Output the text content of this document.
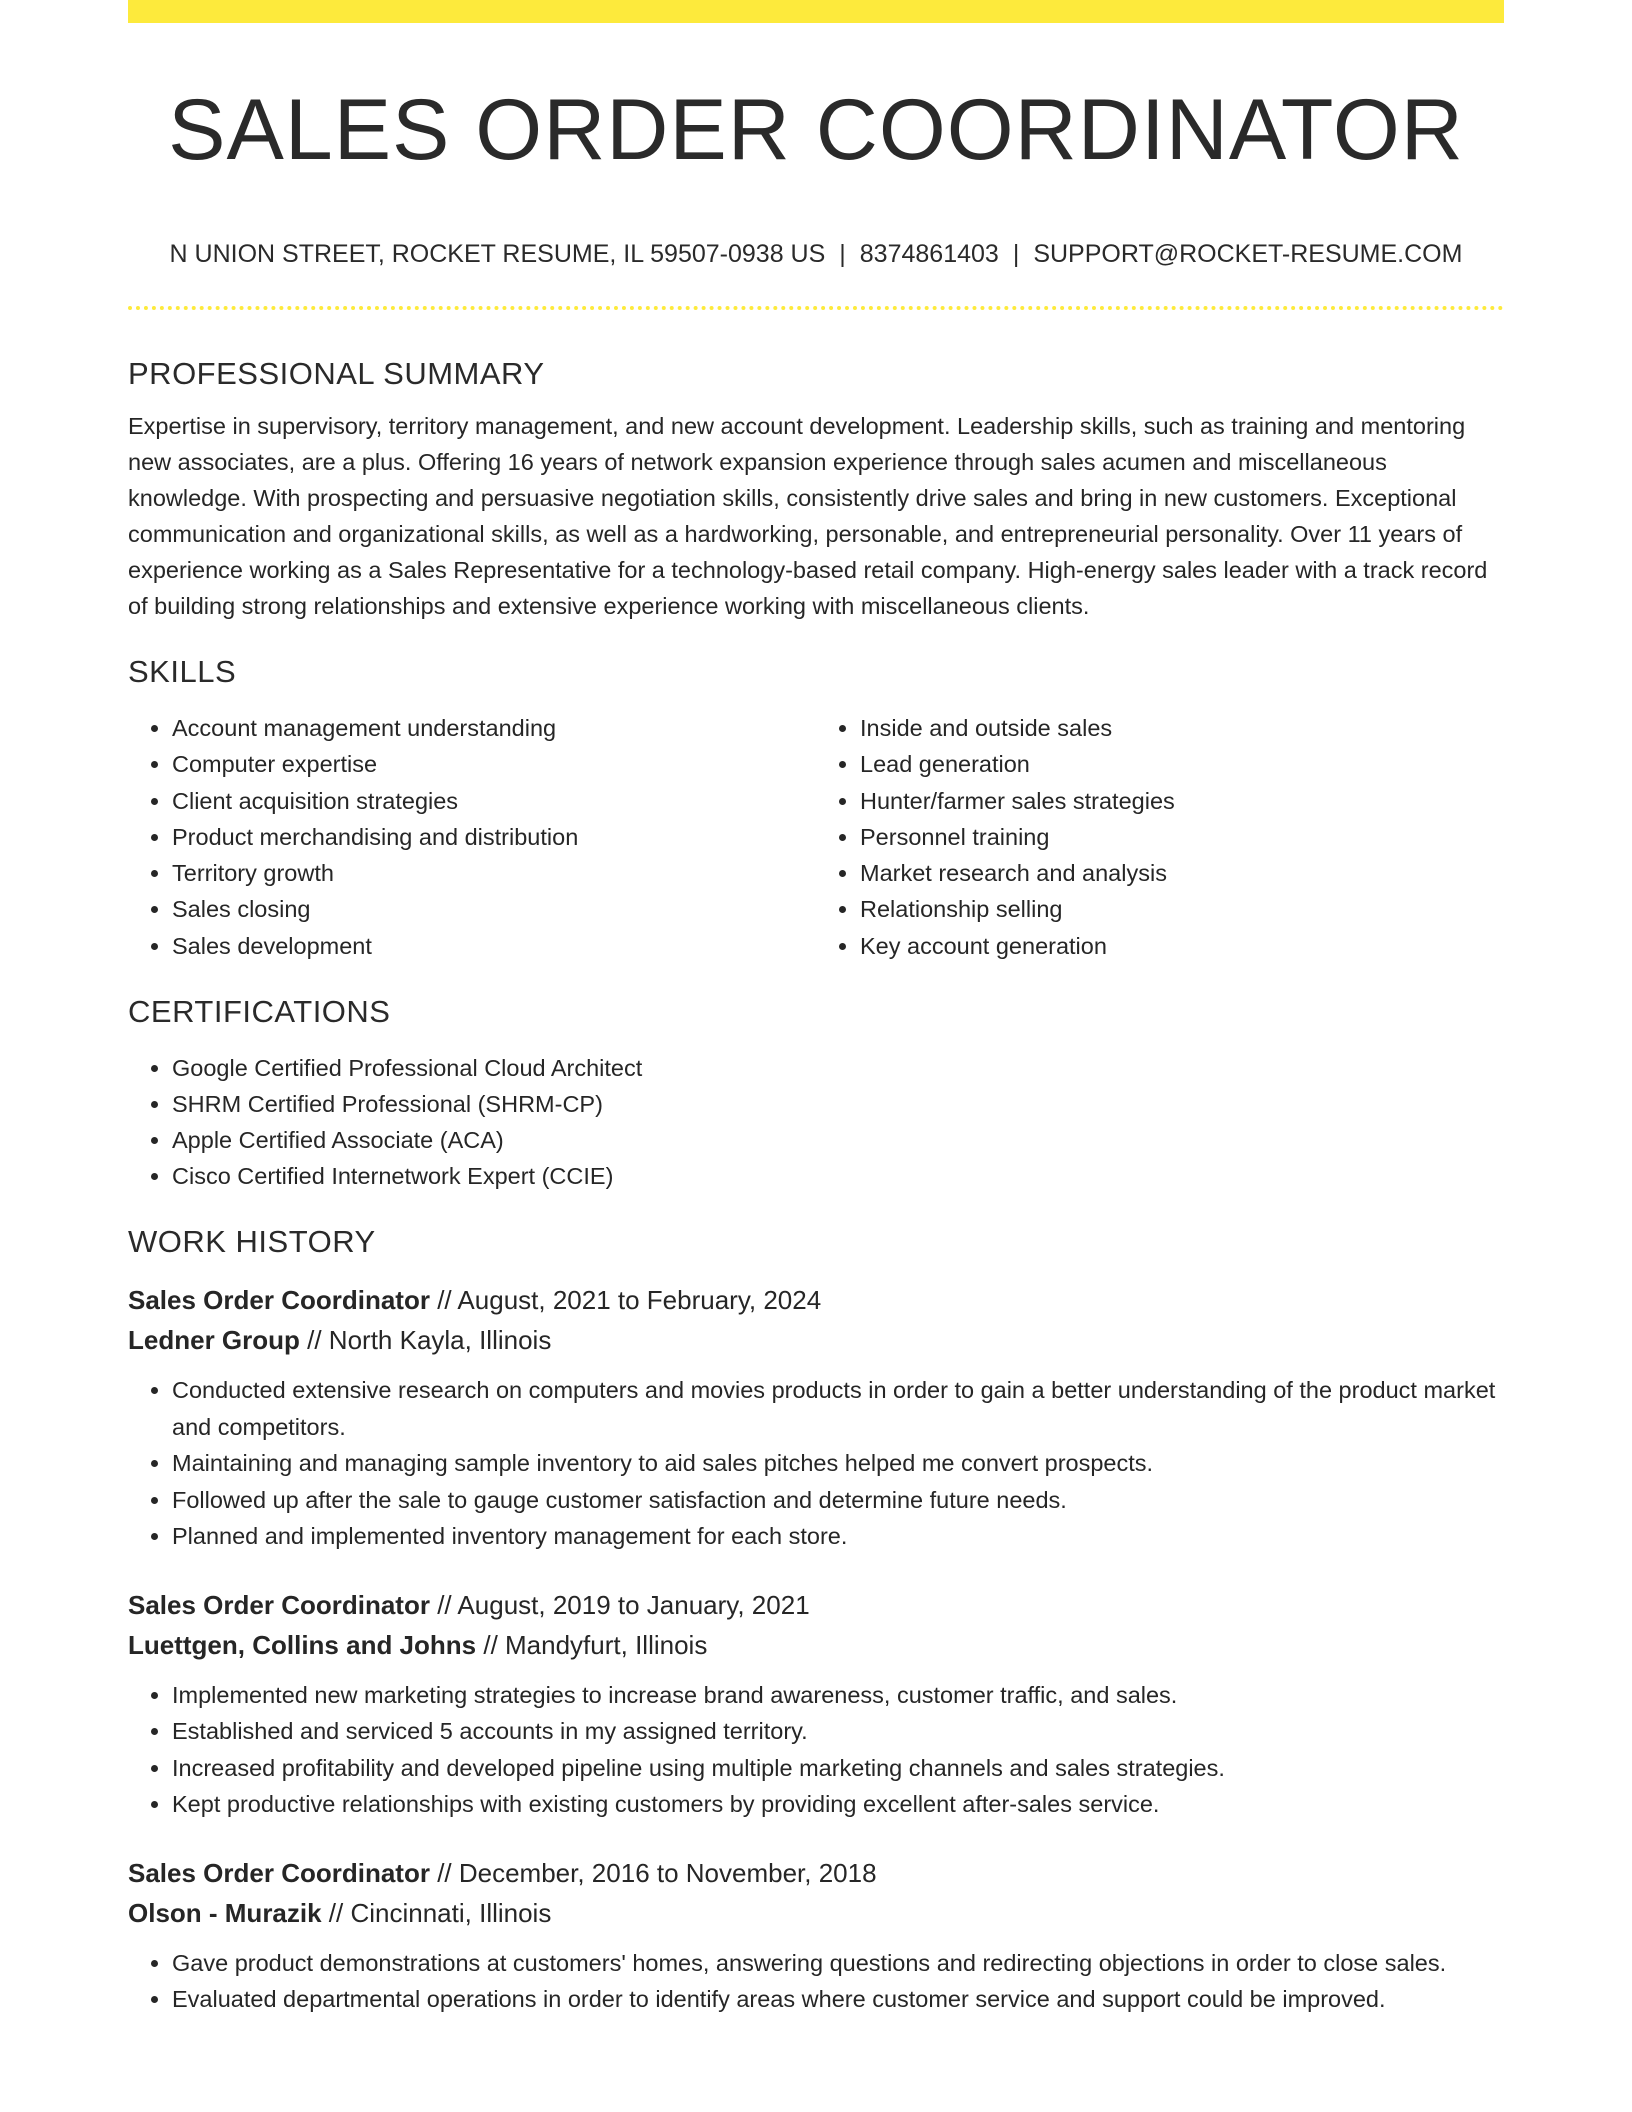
SALES ORDER COORDINATOR
N UNION STREET, ROCKET RESUME, IL 59507-0938 US | 8374861403 | SUPPORT@ROCKET-RESUME.COM
PROFESSIONAL SUMMARY

Expertise in supervisory, territory management, and new account development. Leadership skills, such as training and mentoring new associates, are a plus. Offering 16 years of network expansion experience through sales acumen and miscellaneous knowledge. With prospecting and persuasive negotiation skills, consistently drive sales and bring in new customers. Exceptional communication and organizational skills, as well as a hardworking, personable, and entrepreneurial personality. Over 11 years of experience working as a Sales Representative for a technology-based retail company. High-energy sales leader with a track record of building strong relationships and extensive experience working with miscellaneous clients.

SKILLS
• Account management understanding
• Computer expertise
• Client acquisition strategies
• Product merchandising and distribution
• Territory growth
• Sales closing
• Sales development
• Inside and outside sales
• Lead generation
• Hunter/farmer sales strategies
• Personnel training
• Market research and analysis
• Relationship selling
• Key account generation
CERTIFICATIONS
• Google Certified Professional Cloud Architect
• SHRM Certified Professional (SHRM-CP)
• Apple Certified Associate (ACA)
• Cisco Certified Internetwork Expert (CCIE)
WORK HISTORY
Sales Order Coordinator // August, 2021 to February, 2024
Ledner Group // North Kayla, Illinois
• Conducted extensive research on computers and movies products in order to gain a better understanding of the product market and competitors.
• Maintaining and managing sample inventory to aid sales pitches helped me convert prospects.
• Followed up after the sale to gauge customer satisfaction and determine future needs.
• Planned and implemented inventory management for each store.
Sales Order Coordinator // August, 2019 to January, 2021
Luettgen, Collins and Johns // Mandyfurt, Illinois
• Implemented new marketing strategies to increase brand awareness, customer traffic, and sales.
• Established and serviced 5 accounts in my assigned territory.
• Increased profitability and developed pipeline using multiple marketing channels and sales strategies.
• Kept productive relationships with existing customers by providing excellent after-sales service.
Sales Order Coordinator // December, 2016 to November, 2018
Olson - Murazik // Cincinnati, Illinois
• Gave product demonstrations at customers' homes, answering questions and redirecting objections in order to close sales.
• Evaluated departmental operations in order to identify areas where customer service and support could be improved.
